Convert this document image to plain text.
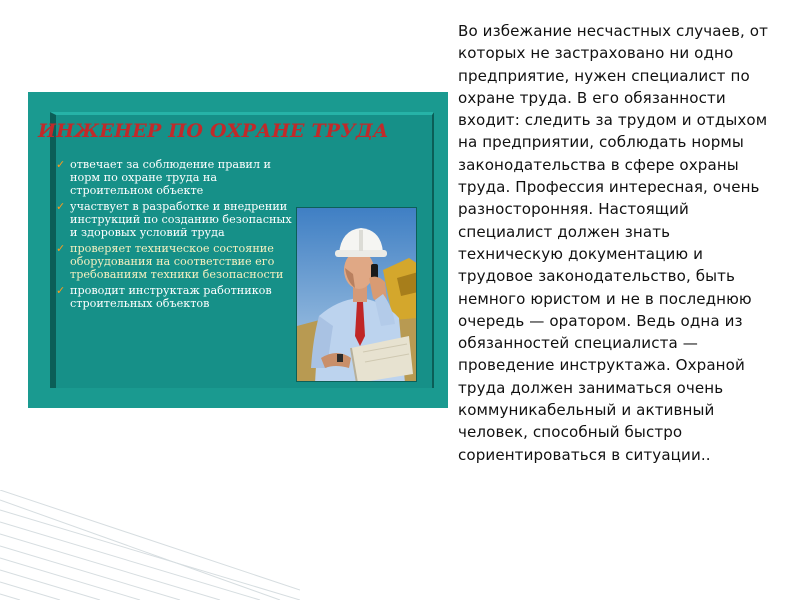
ИНЖЕНЕР ПО ОХРАНЕ ТРУДА
✓ отвечает за соблюдение правил и норм по охране труда на строительном объекте
✓ участвует в разработке и внедрении инструкций по созданию безопасных и здоровых условий труда
✓ проверяет техническое состояние оборудования на соответствие его требованиям техники безопасности
✓ проводит инструктаж работников строительных объектов

Во избежание несчастных случаев, от которых не застраховано ни одно предприятие, нужен специалист по охране труда. В его обязанности входит: следить за трудом и отдыхом на предприятии, соблюдать нормы законодательства в сфере охраны труда. Профессия интересная, очень разносторонняя. Настоящий специалист должен знать техническую документацию и трудовое законодательство, быть немного юристом и не в последнюю очередь — оратором. Ведь одна из обязанностей специалиста — проведение инструктажа. Охраной труда должен заниматься очень коммуникабельный и активный человек, способный быстро сориентироваться в ситуации..
